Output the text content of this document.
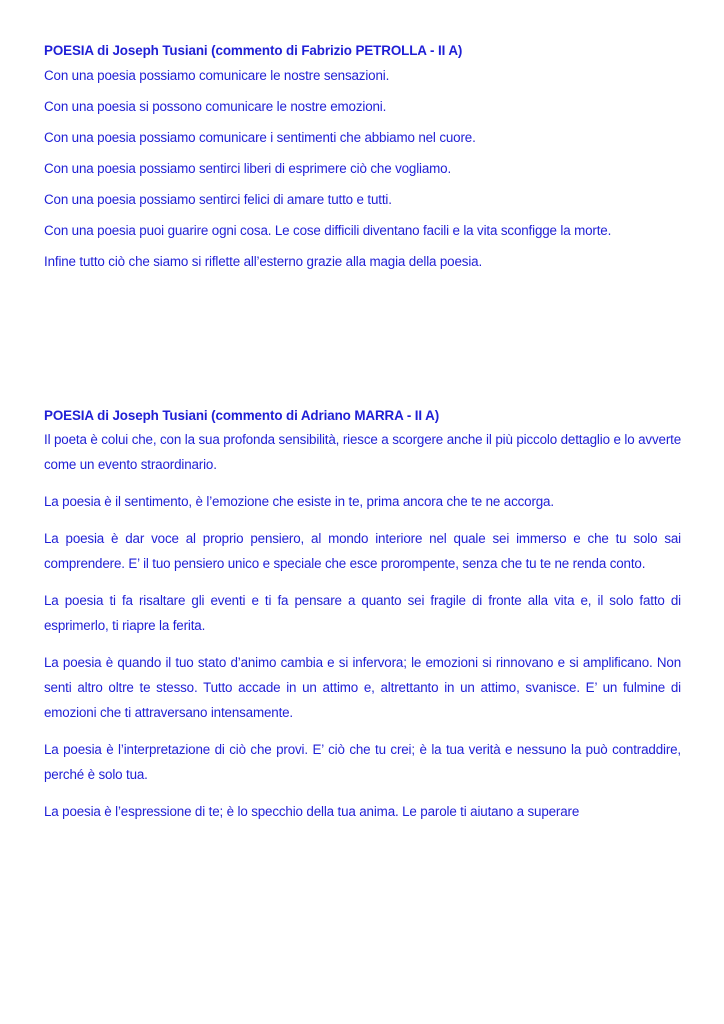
POESIA di Joseph Tusiani (commento di Fabrizio PETROLLA - II A)

Con una poesia possiamo comunicare le nostre sensazioni.

Con una poesia si possono comunicare le nostre emozioni.

Con una poesia possiamo comunicare i sentimenti che abbiamo nel cuore.

Con una poesia possiamo sentirci liberi di esprimere ciò che vogliamo.

Con una poesia possiamo sentirci felici di amare tutto e tutti.

Con una poesia puoi guarire ogni cosa. Le cose difficili diventano facili e la vita sconfigge la morte.

Infine tutto ciò che siamo si riflette all’esterno grazie alla magia della poesia.

POESIA di Joseph Tusiani (commento di Adriano MARRA - II A)

Il poeta è colui che, con la sua profonda sensibilità, riesce a scorgere anche il più piccolo dettaglio e lo avverte come un evento straordinario.

La poesia è il sentimento, è l’emozione che esiste in te, prima ancora che te ne accorga.

La poesia è dar voce al proprio pensiero, al mondo interiore nel quale sei immerso e che tu solo sai comprendere. E’ il tuo pensiero unico e speciale che esce prorompente, senza che tu te ne renda conto.

La poesia ti fa risaltare gli eventi e ti fa pensare a quanto sei fragile di fronte alla vita e, il solo fatto di esprimerlo, ti riapre la ferita.

La poesia è quando il tuo stato d’animo cambia e si infervora; le emozioni si rinnovano e si amplificano. Non senti altro oltre te stesso. Tutto accade in un attimo e, altrettanto in un attimo, svanisce. E’ un fulmine di emozioni che ti attraversano intensamente.

La poesia è l’interpretazione di ciò che provi. E’ ciò che tu crei; è la tua verità e nessuno la può contraddire, perché è solo tua.

La poesia è l’espressione di te; è lo specchio della tua anima. Le parole ti aiutano a superare
